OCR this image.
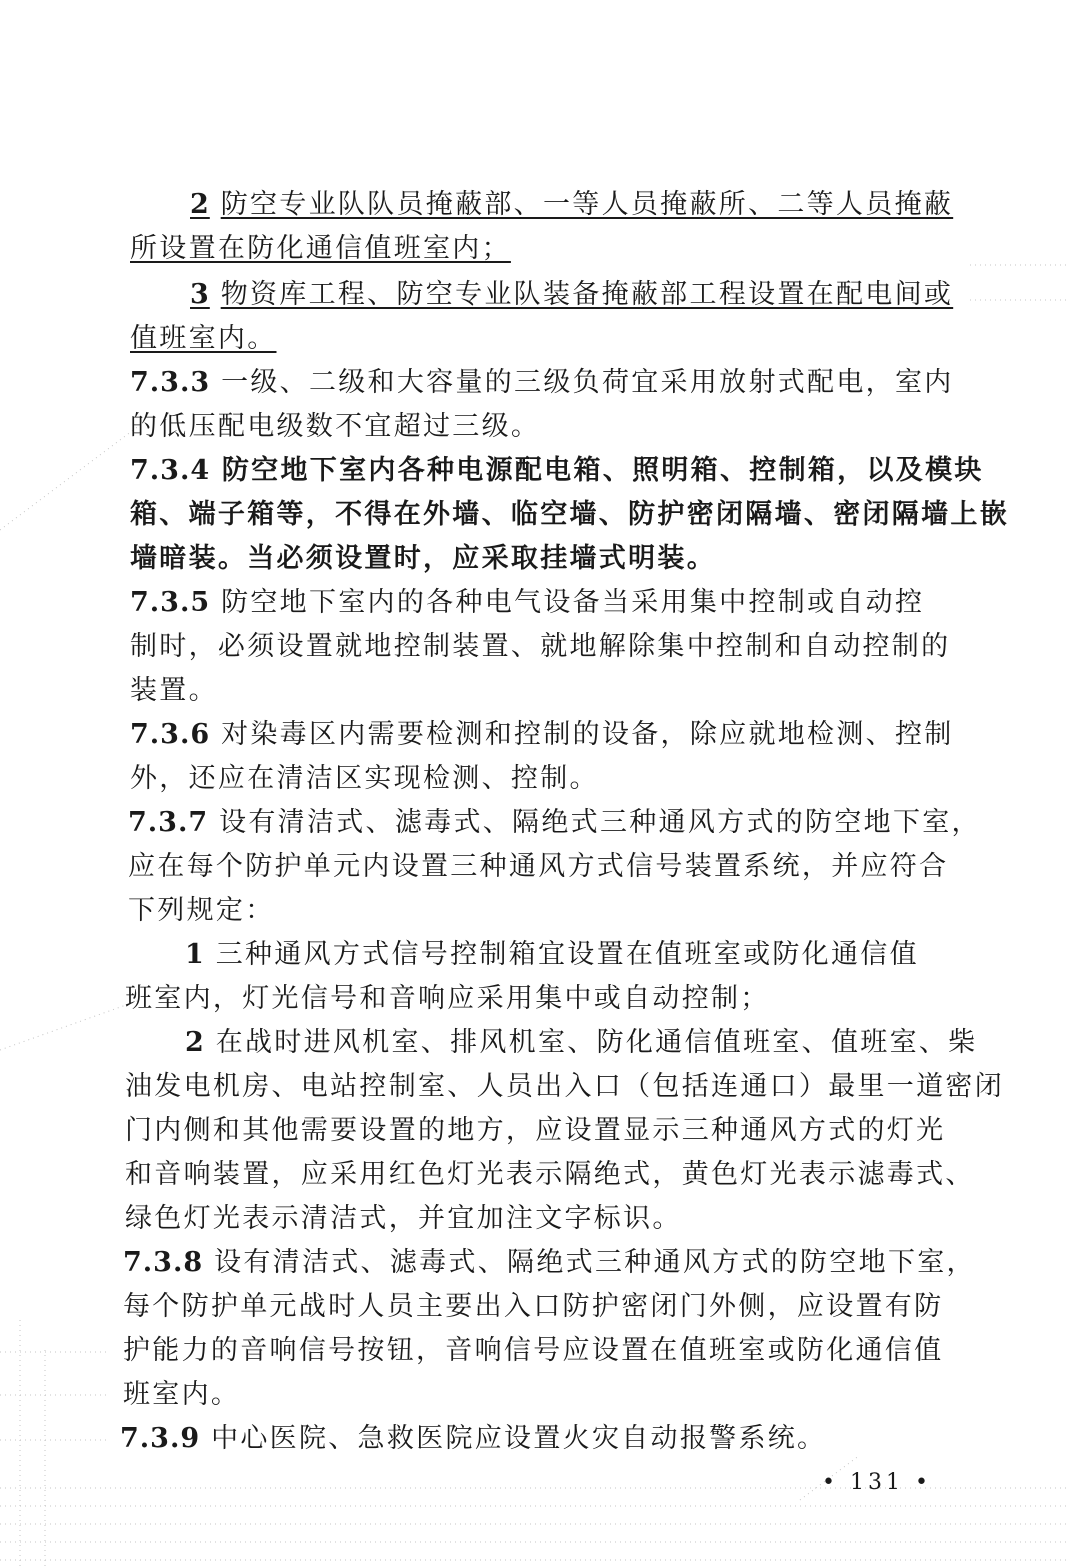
2 防空专业队队员掩蔽部、一等人员掩蔽所、二等人员掩蔽
所设置在防化通信值班室内；
3 物资库工程、防空专业队装备掩蔽部工程设置在配电间或
值班室内。
7.3.3 一级、二级和大容量的三级负荷宜采用放射式配电，室内
的低压配电级数不宜超过三级。
7.3.4 防空地下室内各种电源配电箱、照明箱、控制箱，以及模块
箱、端子箱等，不得在外墙、临空墙、防护密闭隔墙、密闭隔墙上嵌
墙暗装。当必须设置时，应采取挂墙式明装。
7.3.5 防空地下室内的各种电气设备当采用集中控制或自动控
制时，必须设置就地控制装置、就地解除集中控制和自动控制的
装置。
7.3.6 对染毒区内需要检测和控制的设备，除应就地检测、控制
外，还应在清洁区实现检测、控制。
7.3.7 设有清洁式、滤毒式、隔绝式三种通风方式的防空地下室，
应在每个防护单元内设置三种通风方式信号装置系统，并应符合
下列规定：
1 三种通风方式信号控制箱宜设置在值班室或防化通信值
班室内，灯光信号和音响应采用集中或自动控制；
2 在战时进风机室、排风机室、防化通信值班室、值班室、柴
油发电机房、电站控制室、人员出入口（包括连通口）最里一道密闭
门内侧和其他需要设置的地方，应设置显示三种通风方式的灯光
和音响装置，应采用红色灯光表示隔绝式，黄色灯光表示滤毒式、
绿色灯光表示清洁式，并宜加注文字标识。
7.3.8 设有清洁式、滤毒式、隔绝式三种通风方式的防空地下室，
每个防护单元战时人员主要出入口防护密闭门外侧，应设置有防
护能力的音响信号按钮，音响信号应设置在值班室或防化通信值
班室内。
7.3.9 中心医院、急救医院应设置火灾自动报警系统。
• 131 •
